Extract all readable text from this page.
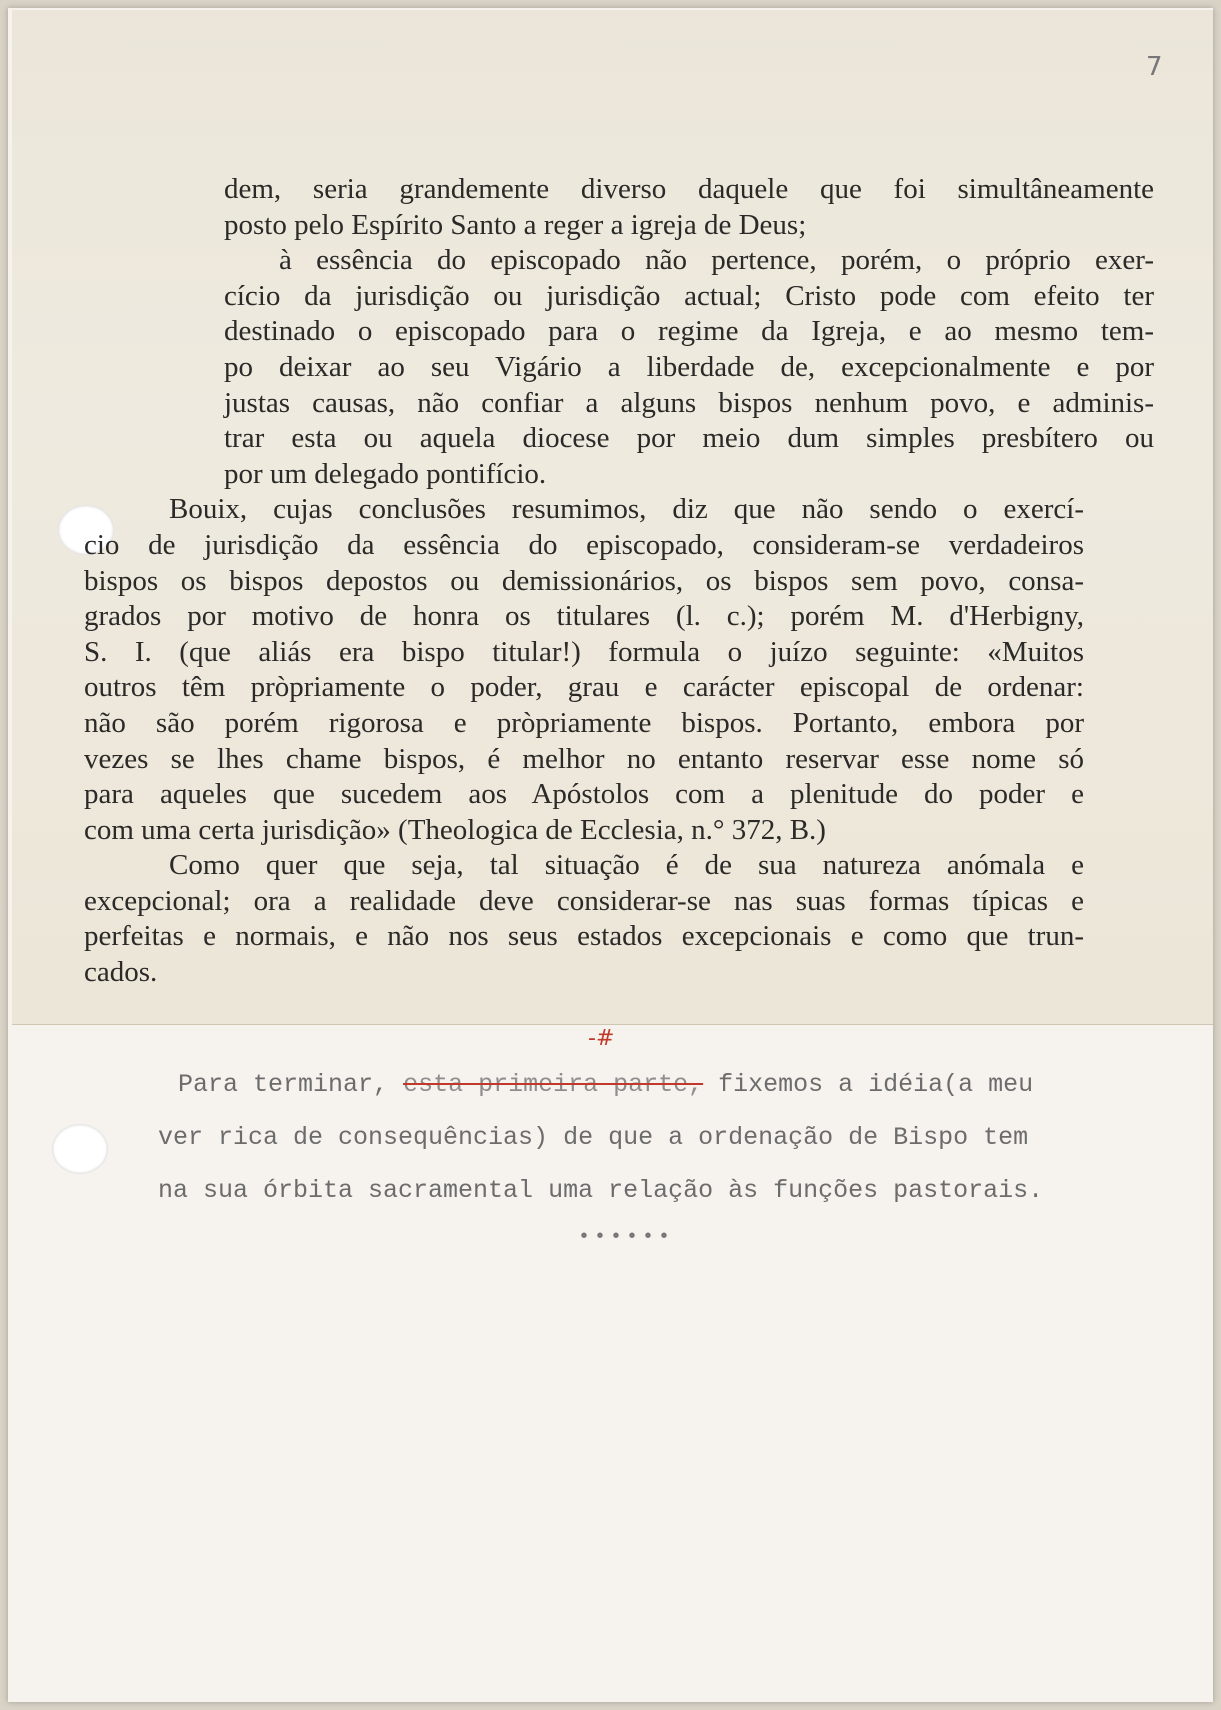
7
dem, seria grandemente diverso daquele que foi simultâneamente
posto pelo Espírito Santo a reger a igreja de Deus;
à essência do episcopado não pertence, porém, o próprio exer-
cício da jurisdição ou jurisdição actual; Cristo pode com efeito ter
destinado o episcopado para o regime da Igreja, e ao mesmo tem-
po deixar ao seu Vigário a liberdade de, excepcionalmente e por
justas causas, não confiar a alguns bispos nenhum povo, e adminis-
trar esta ou aquela diocese por meio dum simples presbítero ou
por um delegado pontifício.
Bouix, cujas conclusões resumimos, diz que não sendo o exercí-
cio de jurisdição da essência do episcopado, consideram-se verdadeiros
bispos os bispos depostos ou demissionários, os bispos sem povo, consa-
grados por motivo de honra os titulares (l. c.); porém M. d'Herbigny,
S. I. (que aliás era bispo titular!) formula o juízo seguinte: «Muitos
outros têm pròpriamente o poder, grau e carácter episcopal de ordenar:
não são porém rigorosa e pròpriamente bispos. Portanto, embora por
vezes se lhes chame bispos, é melhor no entanto reservar esse nome só
para aqueles que sucedem aos Apóstolos com a plenitude do poder e
com uma certa jurisdição» (Theologica de Ecclesia, n.° 372, B.)
Como quer que seja, tal situação é de sua natureza anómala e
excepcional; ora a realidade deve considerar-se nas suas formas típicas e
perfeitas e normais, e não nos seus estados excepcionais e como que trun-
cados.
-#
Para terminar, esta primeira parte, fixemos a idéia(a meu
ver rica de consequências) de que a ordenação de Bispo tem
na sua órbita sacramental uma relação às funções pastorais.
••••••
